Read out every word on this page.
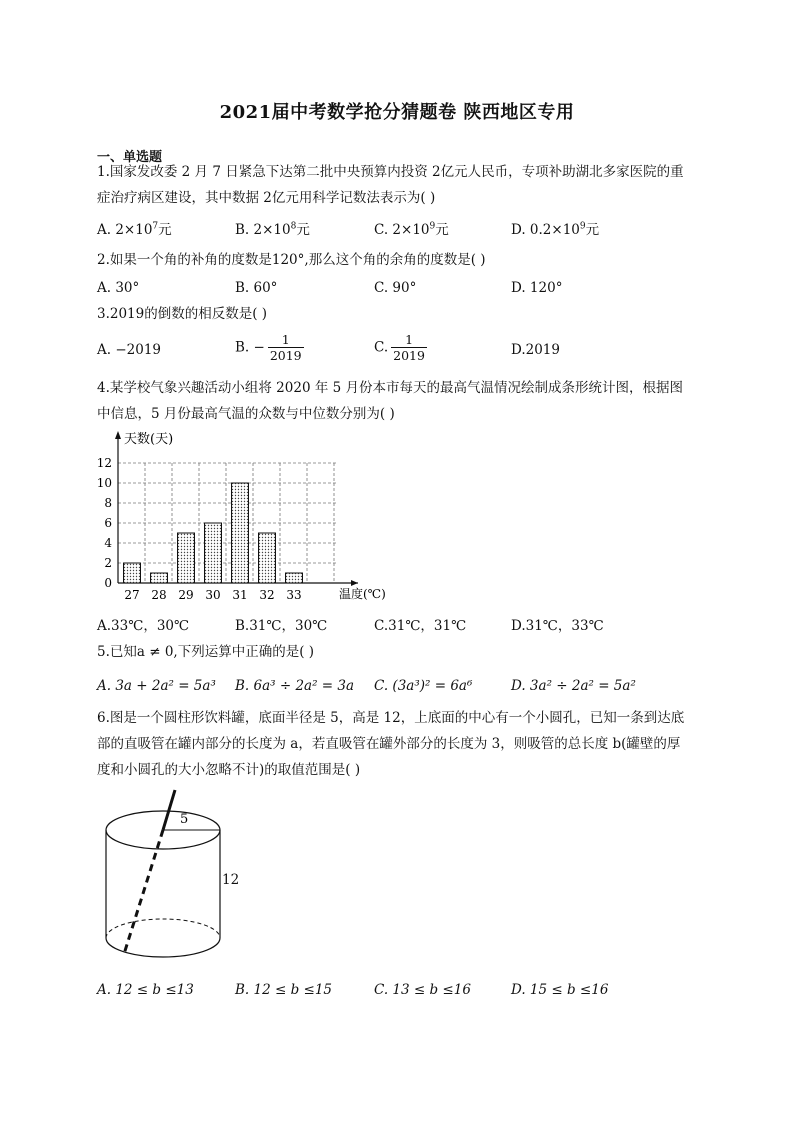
2021届中考数学抢分猜题卷 陕西地区专用
一、单选题
1.国家发改委 2 月 7 日紧急下达第二批中央预算内投资 2亿元人民币，专项补助湖北多家医院的重
症治疗病区建设，其中数据 2亿元用科学记数法表示为( )
A. $2\times 10^7$元	B. $2\times 10^8$元	C. $2\times 10^9$元	D. $0.2\times 10^9$元
2.如果一个角的补角的度数是120°,那么这个角的余角的度数是( )
A. 30°	B. 60°	C. 90°	D. 120°
3.2019的倒数的相反数是( )
A. −2019	B. − $\frac{1}{2019}$	C. $\frac{1}{2019}$	D.2019
4.某学校气象兴趣活动小组将 2020 年 5 月份本市每天的最高气温情况绘制成条形统计图，根据图
中信息，5 月份最高气温的众数与中位数分别为( )
0
2
4
6
8
10
12
27 28 29 30 31 32 33
天数(天)
温度(℃)
A.33℃，30℃	B.31℃，30℃	C.31℃，31℃	D.31℃，33℃
5.已知a ≠ 0,下列运算中正确的是( )
A. 3a + 2a² = 5a³ B. 6a³ ÷ 2a² = 3a C. (3a³)² = 6a⁶	D. 3a² ÷ 2a² = 5a²
6.图是一个圆柱形饮料罐，底面半径是 5，高是 12，上底面的中心有一个小圆孔，已知一条到达底
部的直吸管在罐内部分的长度为 a，若直吸管在罐外部分的长度为 3，则吸管的总长度 b(罐壁的厚
度和小圆孔的大小忽略不计)的取值范围是( )
5
12
A. 12 ≤ b ≤13	B. 12 ≤ b ≤15	C. 13 ≤ b ≤16	D. 15 ≤ b ≤16
